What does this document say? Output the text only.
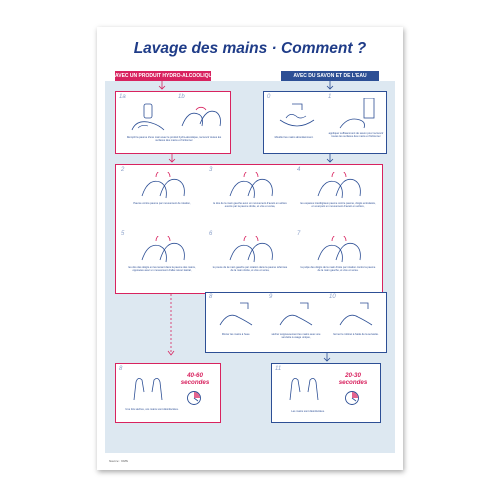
Lavage des mains · Comment ?
AVEC UN PRODUIT HYDRO-ALCOOLIQUE	AVEC DU SAVON ET DE L'EAU
1a	1b
Remplir la paume d'une main avec le produit hydro-alcoolique, recouvrir toutes les surfaces des mains et frictionner
0	1
Mouiller les mains abondamment.
appliquer suffisamment de savon pour recouvrir toutes les surfaces des mains et frictionner
2
Paume contre paume par mouvement de rotation,
3
le dos de la main gauche avec un mouvement d'avant en arrière exercé par la paume droite, et vice et versa,
4
les espaces interdigitaux paume contre paume, doigts entrelacés, en exerçant un mouvement d'avant en arrière,
5
les dos des doigts en les tenant dans la paume des mains, opposées avec un mouvement d'aller-retour latéral,
6
le pouce de la main gauche par rotation dans la paume refermée de la main droite, et vice et versa,
7
la pulpe des doigts de la main droite par rotation contre la paume de la main gauche, et vice et versa.
8
Rincer les mains à l'eau.
9
sécher soigneusement les mains avec une serviette à usage unique,
10
fermer le robinet à l'aide de la serviette.
8
40-60 secondes
Une fois sèches, vos mains sont désinfectées.
11
20-30 secondes
Les mains sont désinfectées.
Source : OMS
